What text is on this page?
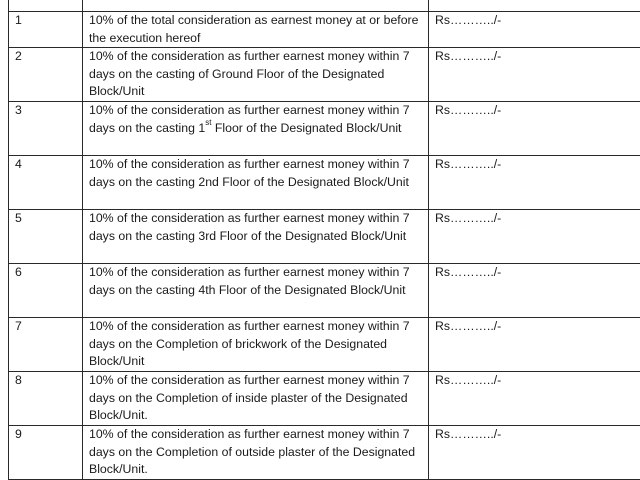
1	10% of the total consideration as earnest money at or before the execution hereof	Rs………../-
2	10% of the consideration as further earnest money within 7 days on the casting of Ground Floor of the Designated Block/Unit	Rs………../-
3	10% of the consideration as further earnest money within 7 days on the casting 1st Floor of the Designated Block/Unit	Rs………../-
4	10% of the consideration as further earnest money within 7 days on the casting 2nd Floor of the Designated Block/Unit	Rs………../-
5	10% of the consideration as further earnest money within 7 days on the casting 3rd Floor of the Designated Block/Unit	Rs………../-
6	10% of the consideration as further earnest money within 7 days on the casting 4th Floor of the Designated Block/Unit	Rs………../-
7	10% of the consideration as further earnest money within 7 days on the Completion of brickwork of the Designated Block/Unit	Rs………../-
8	10% of the consideration as further earnest money within 7 days on the Completion of inside plaster of the Designated Block/Unit.	Rs………../-
9	10% of the consideration as further earnest money within 7 days on the Completion of outside plaster of the Designated Block/Unit.	Rs………../-
